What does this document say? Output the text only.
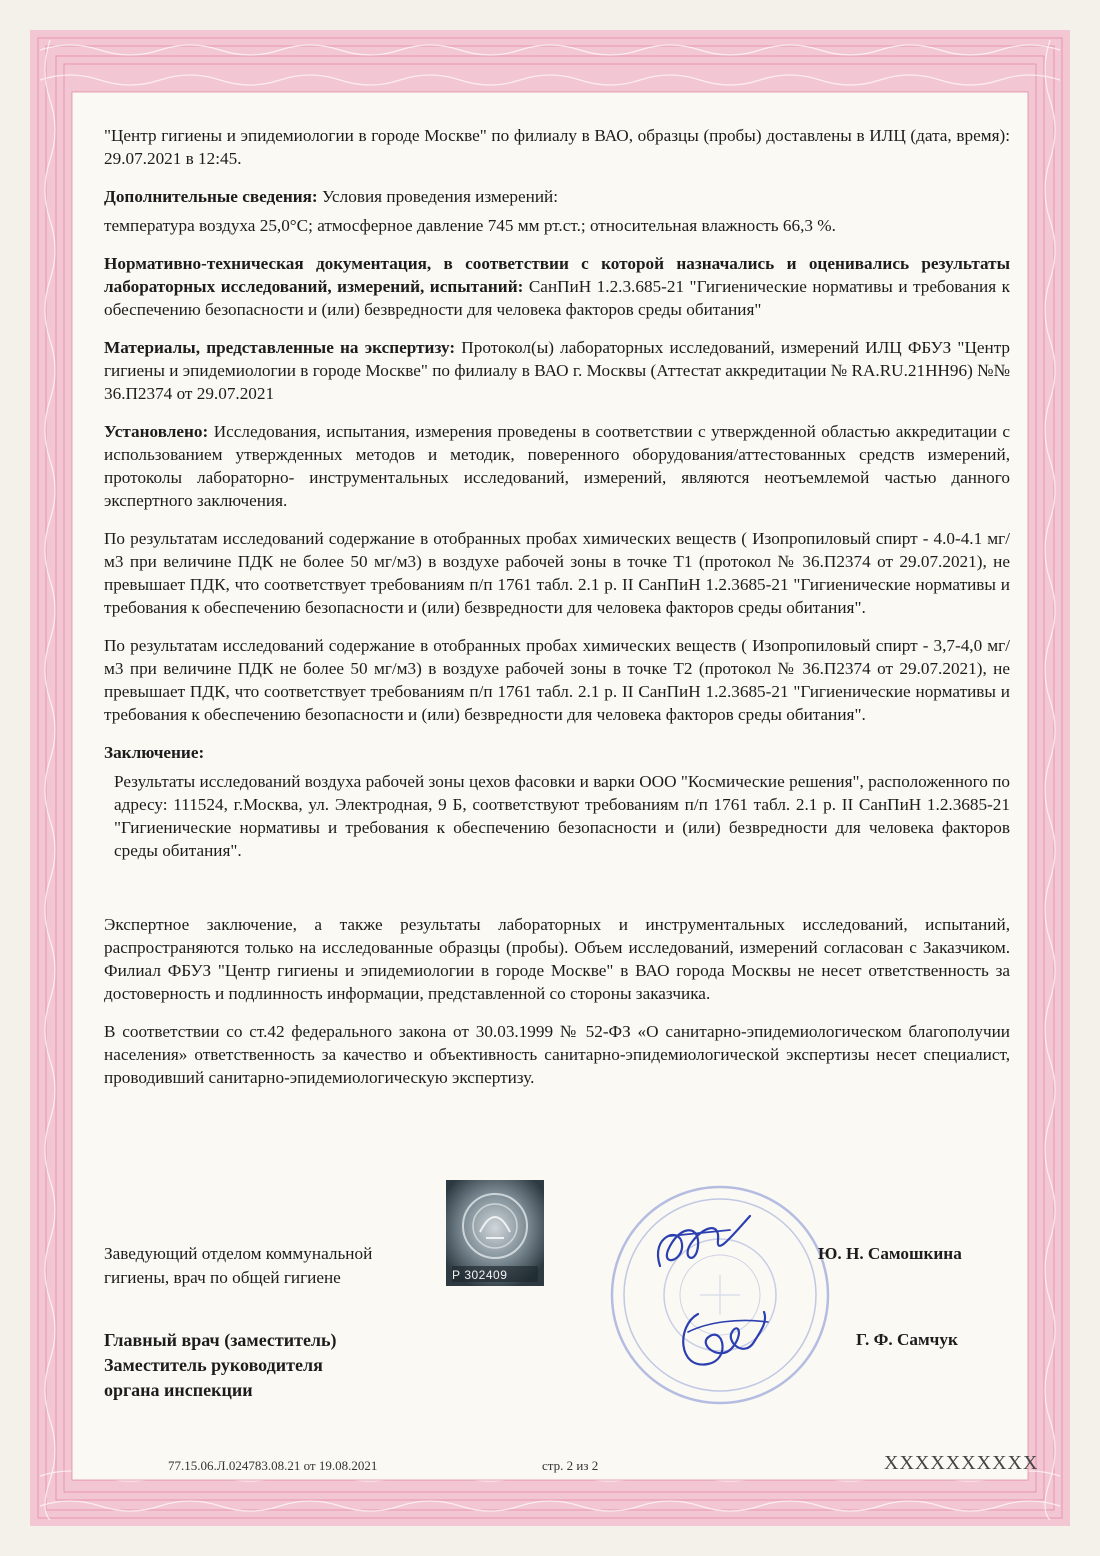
"Центр гигиены и эпидемиологии в городе Москве" по филиалу в ВАО, образцы (пробы) доставлены в ИЛЦ (дата, время): 29.07.2021 в 12:45.

Дополнительные сведения: Условия проведения измерений:

температура воздуха 25,0°С; атмосферное давление 745 мм рт.ст.; относительная влажность 66,3 %.

Нормативно-техническая документация, в соответствии с которой назначались и оценивались результаты лабораторных исследований, измерений, испытаний: СанПиН 1.2.3.685-21 "Гигиенические нормативы и требования к обеспечению безопасности и (или) безвредности для человека факторов среды обитания"

Материалы, представленные на экспертизу: Протокол(ы) лабораторных исследований, измерений ИЛЦ ФБУЗ "Центр гигиены и эпидемиологии в городе Москве" по филиалу в ВАО г. Москвы (Аттестат аккредитации № RA.RU.21НН96) №№ 36.П2374 от 29.07.2021

Установлено: Исследования, испытания, измерения проведены в соответствии с утвержденной областью аккредитации с использованием утвержденных методов и методик, поверенного оборудования/аттестованных средств измерений, протоколы лабораторно- инструментальных исследований, измерений, являются неотъемлемой частью данного экспертного заключения.

По результатам исследований содержание в отобранных пробах химических веществ ( Изопропиловый спирт - 4.0-4.1 мг/м3 при величине ПДК не более 50 мг/м3) в воздухе рабочей зоны в точке Т1 (протокол № 36.П2374 от 29.07.2021), не превышает ПДК, что соответствует требованиям п/п 1761 табл. 2.1 р. II СанПиН 1.2.3685-21 "Гигиенические нормативы и требования к обеспечению безопасности и (или) безвредности для человека факторов среды обитания".

По результатам исследований содержание в отобранных пробах химических веществ ( Изопропиловый спирт - 3,7-4,0 мг/м3 при величине ПДК не более 50 мг/м3) в воздухе рабочей зоны в точке Т2 (протокол № 36.П2374 от 29.07.2021), не превышает ПДК, что соответствует требованиям п/п 1761 табл. 2.1 р. II СанПиН 1.2.3685-21 "Гигиенические нормативы и требования к обеспечению безопасности и (или) безвредности для человека факторов среды обитания".

Заключение:

Результаты исследований воздуха рабочей зоны цехов фасовки и варки ООО "Космические решения", расположенного по адресу: 111524, г.Москва, ул. Электродная, 9 Б, соответствуют требованиям п/п 1761 табл. 2.1 р. II СанПиН 1.2.3685-21 "Гигиенические нормативы и требования к обеспечению безопасности и (или) безвредности для человека факторов среды обитания".

Экспертное заключение, а также результаты лабораторных и инструментальных исследований, испытаний, распространяются только на исследованные образцы (пробы). Объем исследований, измерений согласован с Заказчиком. Филиал ФБУЗ "Центр гигиены и эпидемиологии в городе Москве" в ВАО города Москвы не несет ответственность за достоверность и подлинность информации, представленной со стороны заказчика.

В соответствии со ст.42 федерального закона от 30.03.1999 № 52-ФЗ «О санитарно-эпидемиологическом благополучии населения» ответственность за качество и объективность санитарно-эпидемиологической экспертизы несет специалист, проводивший санитарно-эпидемиологическую экспертизу.

Р 302409
Заведующий отделом коммунальной
гигиены, врач по общей гигиене
Ю. Н. Самошкина
Главный врач (заместитель)
Заместитель руководителя
органа инспекции
Г. Ф. Самчук
77.15.06.Л.024783.08.21 от 19.08.2021	стр. 2 из 2	XXXXXXXXXX
